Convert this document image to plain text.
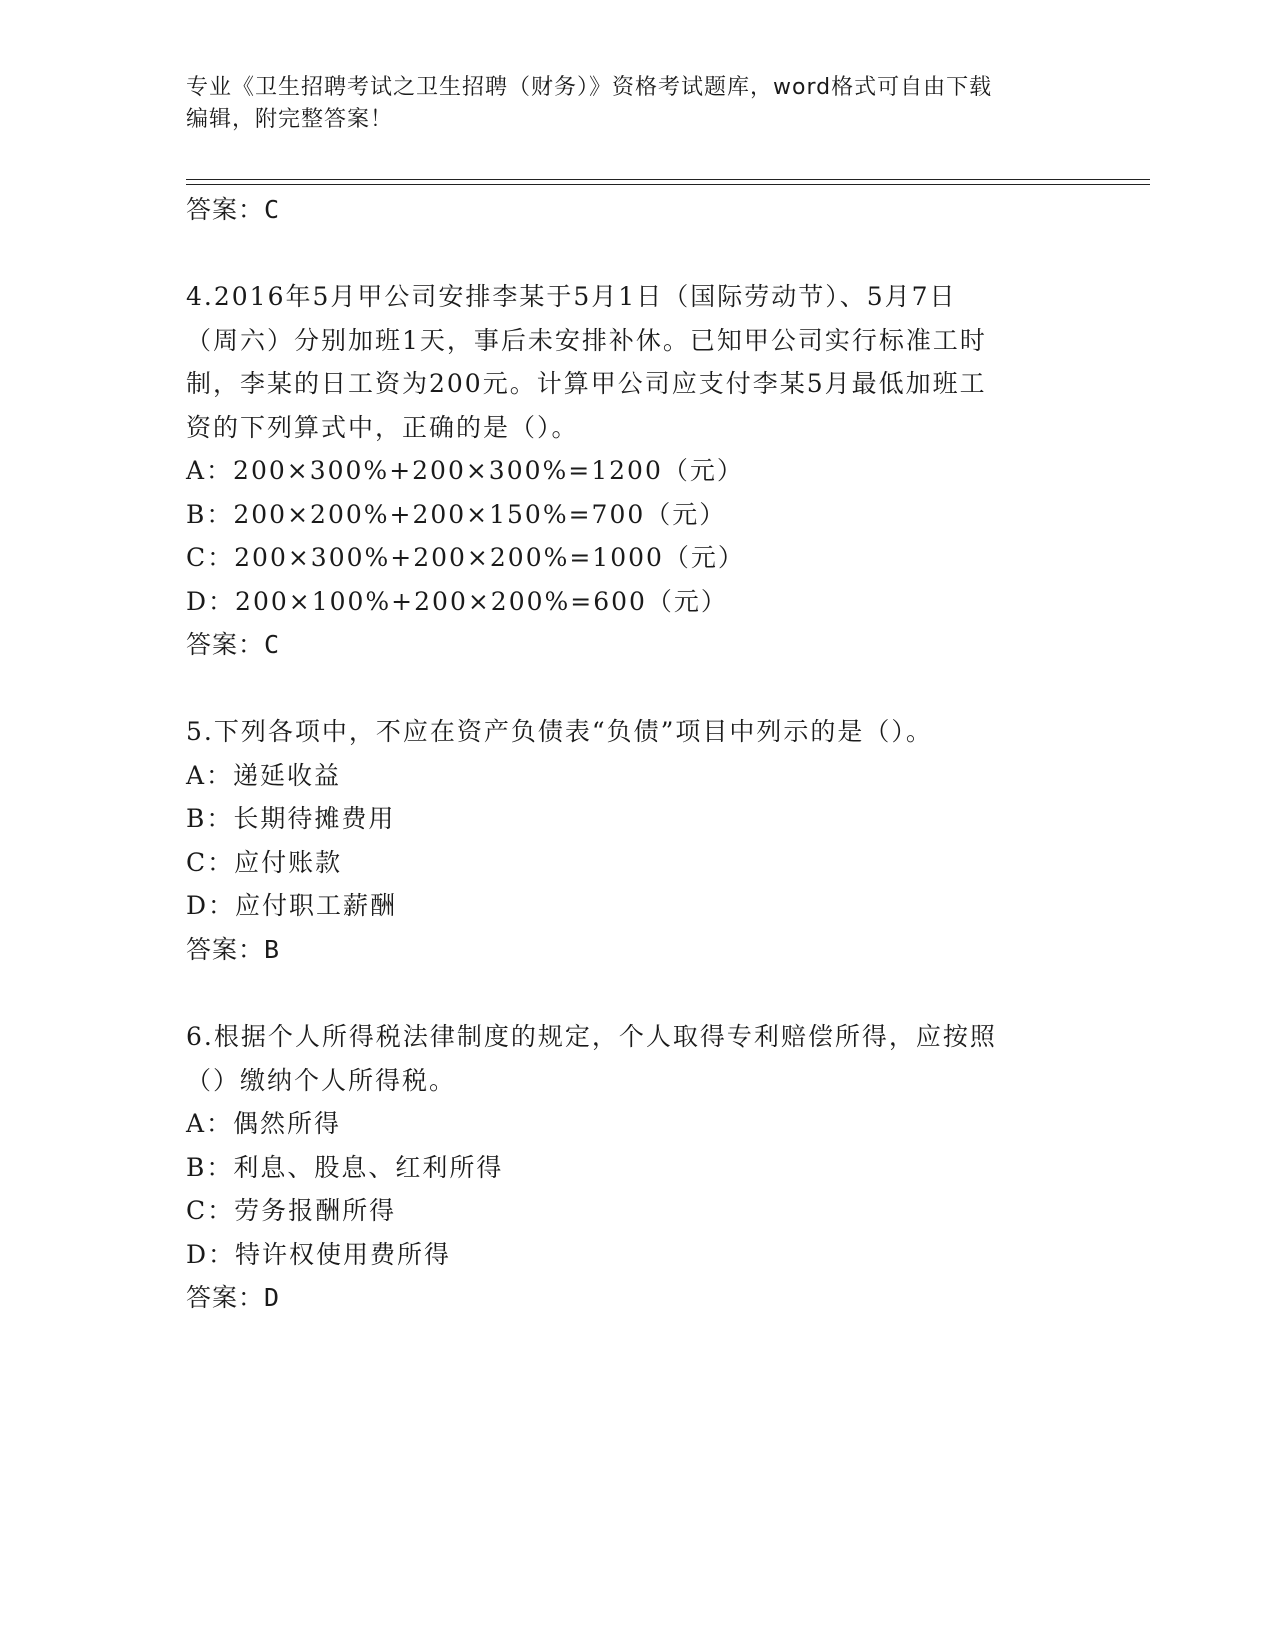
专业《卫生招聘考试之卫生招聘（财务）》资格考试题库，word格式可自由下载
编辑，附完整答案！
答案：C
4.2016年5月甲公司安排李某于5月1日（国际劳动节）、5月7日
（周六）分别加班1天，事后未安排补休。已知甲公司实行标准工时
制，李某的日工资为200元。计算甲公司应支付李某5月最低加班工
资的下列算式中，正确的是（）。
A：200×300%+200×300%=1200（元）
B：200×200%+200×150%=700（元）
C：200×300%+200×200%=1000（元）
D：200×100%+200×200%=600（元）
答案：C
5.下列各项中，不应在资产负债表“负债”项目中列示的是（）。
A：递延收益
B：长期待摊费用
C：应付账款
D：应付职工薪酬
答案：B
6.根据个人所得税法律制度的规定，个人取得专利赔偿所得，应按照
（）缴纳个人所得税。
A：偶然所得
B：利息、股息、红利所得
C：劳务报酬所得
D：特许权使用费所得
答案：D
